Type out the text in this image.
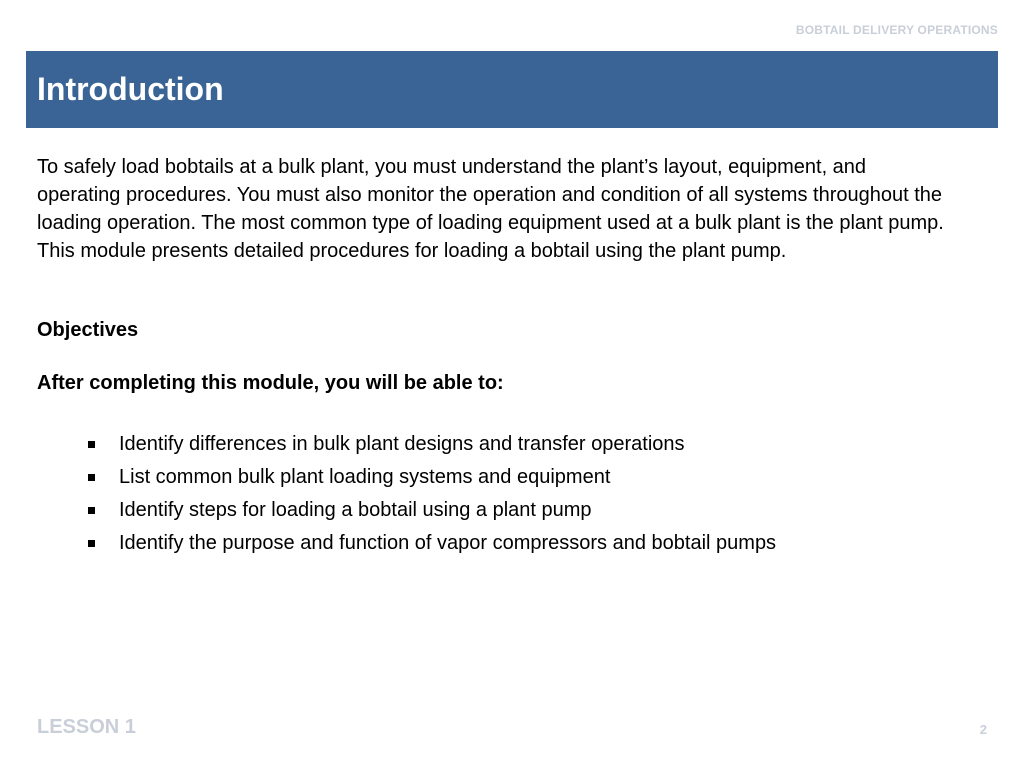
BOBTAIL DELIVERY OPERATIONS
Introduction

To safely load bobtails at a bulk plant, you must understand the plant’s layout, equipment, and operating procedures. You must also monitor the operation and condition of all systems throughout the loading operation. The most common type of loading equipment used at a bulk plant is the plant pump. This module presents detailed procedures for loading a bobtail using the plant pump.

Objectives
After completing this module, you will be able to:
Identify differences in bulk plant designs and transfer operations
List common bulk plant loading systems and equipment
Identify steps for loading a bobtail using a plant pump
Identify the purpose and function of vapor compressors and bobtail pumps
LESSON 1	2
